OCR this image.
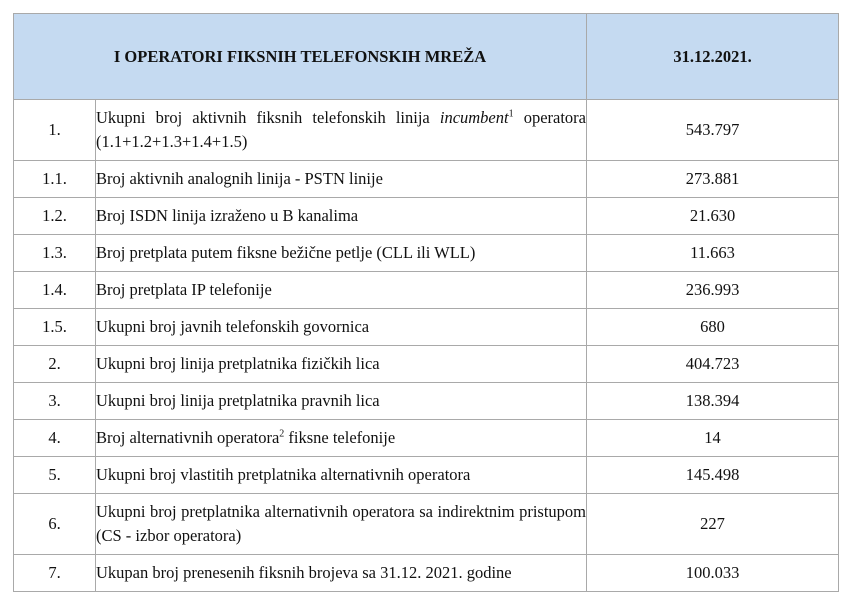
I OPERATORI FIKSNIH TELEFONSKIH MREŽA		31.12.2021.
1.	Ukupni broj aktivnih fiksnih telefonskih linija incumbent$^1$ operatora (1.1+1.2+1.3+1.4+1.5)	543.797
1.1.	Broj aktivnih analognih linija - PSTN linije	273.881
1.2.	Broj ISDN linija izraženo u B kanalima	21.630
1.3.	Broj pretplata putem fiksne bežične petlje (CLL ili WLL)	11.663
1.4.	Broj pretplata IP telefonije	236.993
1.5.	Ukupni broj javnih telefonskih govornica	680
2.	Ukupni broj linija pretplatnika fizičkih lica	404.723
3.	Ukupni broj linija pretplatnika pravnih lica	138.394
4.	Broj alternativnih operatora$^2$ fiksne telefonije	14
5.	Ukupni broj vlastitih pretplatnika alternativnih operatora	145.498
6.	Ukupni broj pretplatnika alternativnih operatora sa indirektnim pristupom (CS - izbor operatora)	227
7.	Ukupan broj prenesenih fiksnih brojeva sa 31.12. 2021. godine	100.033
